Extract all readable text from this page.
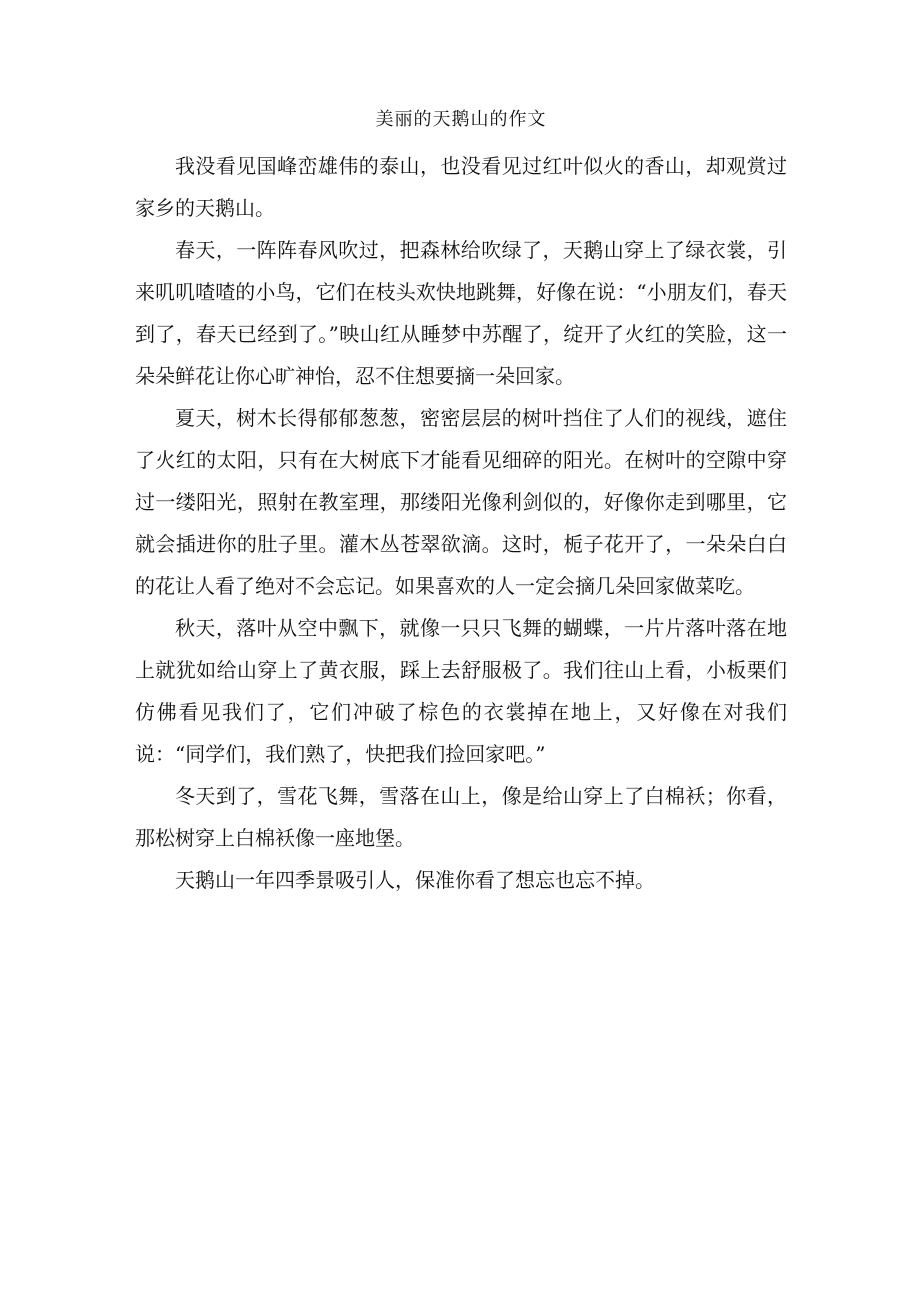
美丽的天鹅山的作文

我没看见国峰峦雄伟的泰山，也没看见过红叶似火的香山，却观赏过家乡的天鹅山。

春天，一阵阵春风吹过，把森林给吹绿了，天鹅山穿上了绿衣裳，引来叽叽喳喳的小鸟，它们在枝头欢快地跳舞，好像在说：“小朋友们，春天到了，春天已经到了。”映山红从睡梦中苏醒了，绽开了火红的笑脸，这一朵朵鲜花让你心旷神怡，忍不住想要摘一朵回家。

夏天，树木长得郁郁葱葱，密密层层的树叶挡住了人们的视线，遮住了火红的太阳，只有在大树底下才能看见细碎的阳光。在树叶的空隙中穿过一缕阳光，照射在教室理，那缕阳光像利剑似的，好像你走到哪里，它就会插进你的肚子里。灌木丛苍翠欲滴。这时，栀子花开了，一朵朵白白的花让人看了绝对不会忘记。如果喜欢的人一定会摘几朵回家做菜吃。

秋天，落叶从空中飘下，就像一只只飞舞的蝴蝶，一片片落叶落在地上就犹如给山穿上了黄衣服，踩上去舒服极了。我们往山上看，小板栗们仿佛看见我们了，它们冲破了棕色的衣裳掉在地上，又好像在对我们说：“同学们，我们熟了，快把我们捡回家吧。”

冬天到了，雪花飞舞，雪落在山上，像是给山穿上了白棉袄；你看，那松树穿上白棉袄像一座地堡。

天鹅山一年四季景吸引人，保准你看了想忘也忘不掉。
